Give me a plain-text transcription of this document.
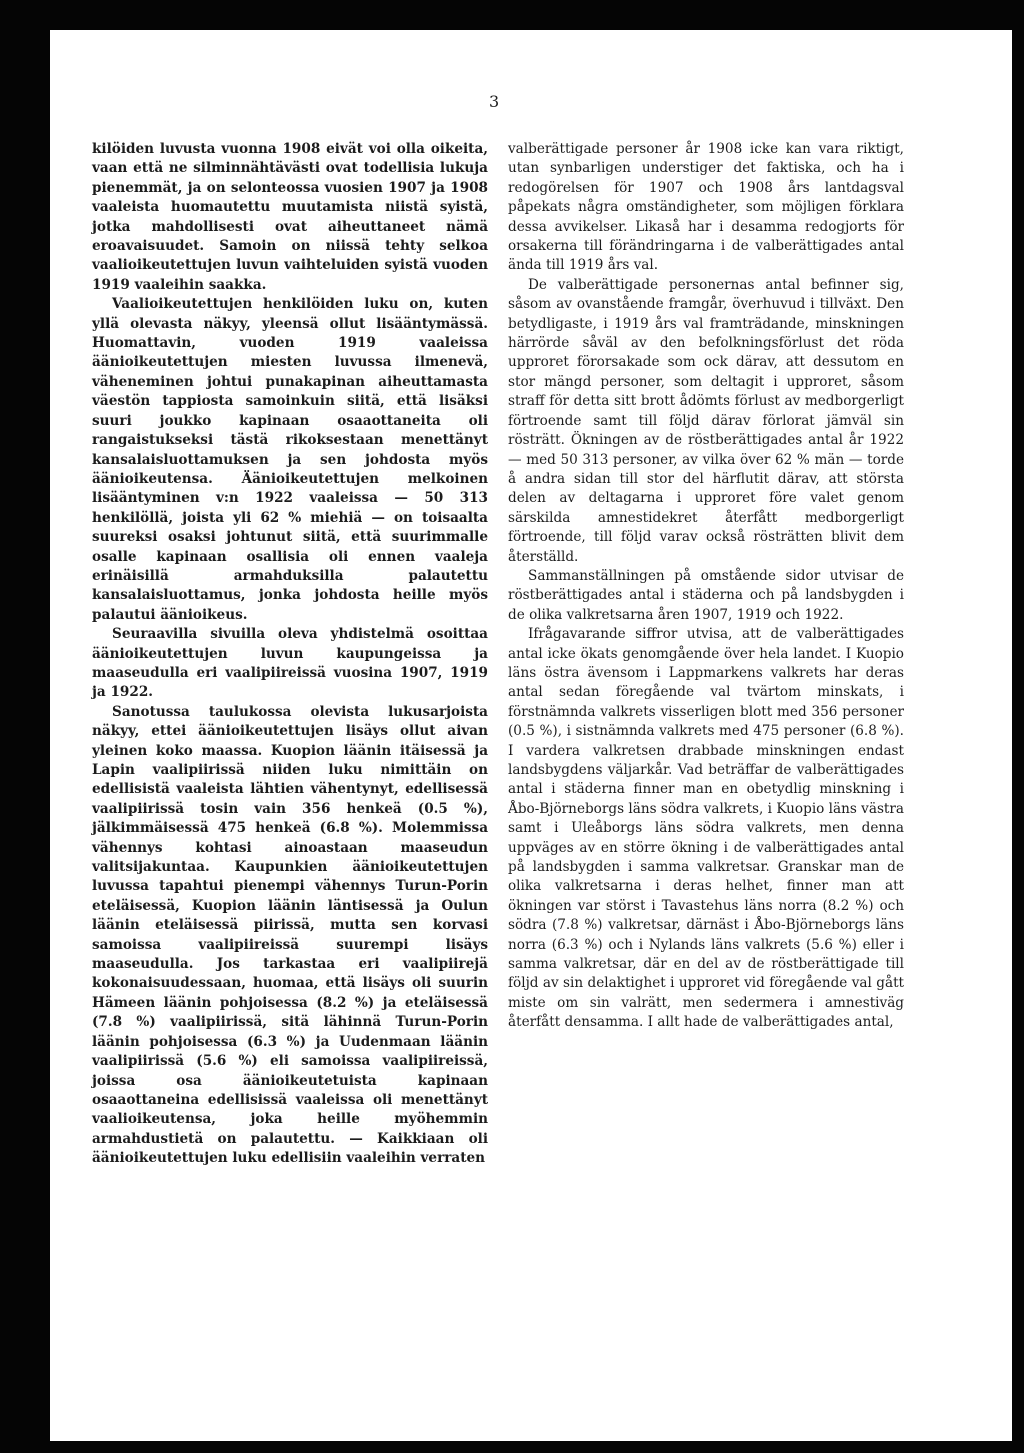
3

kilöiden luvusta vuonna 1908 eivät voi olla oikeita, vaan että ne silminnähtävästi ovat todellisia lukuja pienemmät, ja on selonteossa vuosien 1907 ja 1908 vaaleista huomautettu muutamista niistä syistä, jotka mahdollisesti ovat aiheuttaneet nämä eroavaisuudet. Samoin on niissä tehty selkoa vaalioikeutettujen luvun vaihteluiden syistä vuoden 1919 vaaleihin saakka.

Vaalioikeutettujen henkilöiden luku on, kuten yllä olevasta näkyy, yleensä ollut lisääntymässä. Huomattavin, vuoden 1919 vaaleissa äänioikeutettujen miesten luvussa ilmenevä, väheneminen johtui punakapinan aiheuttamasta väestön tappiosta samoinkuin siitä, että lisäksi suuri joukko kapinaan osaaottaneita oli rangaistukseksi tästä rikoksestaan menettänyt kansalaisluottamuksen ja sen johdosta myös äänioikeutensa. Äänioikeutettujen melkoinen lisääntyminen v:n 1922 vaaleissa — 50 313 henkilöllä, joista yli 62 % miehiä — on toisaalta suureksi osaksi johtunut siitä, että suurimmalle osalle kapinaan osallisia oli ennen vaaleja erinäisillä armahduksilla palautettu kansalaisluottamus, jonka johdosta heille myös palautui äänioikeus.

Seuraavilla sivuilla oleva yhdistelmä osoittaa äänioikeutettujen luvun kaupungeissa ja maaseudulla eri vaalipiireissä vuosina 1907, 1919 ja 1922.

Sanotussa taulukossa olevista lukusarjoista näkyy, ettei äänioikeutettujen lisäys ollut aivan yleinen koko maassa. Kuopion läänin itäisessä ja Lapin vaalipiirissä niiden luku nimittäin on edellisistä vaaleista lähtien vähentynyt, edellisessä vaalipiirissä tosin vain 356 henkeä (0.5 %), jälkimmäisessä 475 henkeä (6.8 %). Molemmissa vähennys kohtasi ainoastaan maaseudun valitsijakuntaa. Kaupunkien äänioikeutettujen luvussa tapahtui pienempi vähennys Turun-Porin eteläisessä, Kuopion läänin läntisessä ja Oulun läänin eteläisessä piirissä, mutta sen korvasi samoissa vaalipiireissä suurempi lisäys maaseudulla. Jos tarkastaa eri vaalipiirejä kokonaisuudessaan, huomaa, että lisäys oli suurin Hämeen läänin pohjoisessa (8.2 %) ja eteläisessä (7.8 %) vaalipiirissä, sitä lähinnä Turun-Porin läänin pohjoisessa (6.3 %) ja Uudenmaan läänin vaalipiirissä (5.6 %) eli samoissa vaalipiireissä, joissa osa äänioikeutetuista kapinaan osaaottaneina edellisissä vaaleissa oli menettänyt vaalioikeutensa, joka heille myöhemmin armahdustietä on palautettu. — Kaikkiaan oli äänioikeutettujen luku edellisiin vaaleihin verraten

valberättigade personer år 1908 icke kan vara riktigt, utan synbarligen understiger det faktiska, och ha i redogörelsen för 1907 och 1908 års lantdagsval påpekats några omständigheter, som möjligen förklara dessa avvikelser. Likaså har i desamma redogjorts för orsakerna till förändringarna i de valberättigades antal ända till 1919 års val.

De valberättigade personernas antal befinner sig, såsom av ovanstående framgår, överhuvud i tillväxt. Den betydligaste, i 1919 års val framträdande, minskningen härrörde såväl av den befolkningsförlust det röda upproret förorsakade som ock därav, att dessutom en stor mängd personer, som deltagit i upproret, såsom straff för detta sitt brott ådömts förlust av medborgerligt förtroende samt till följd därav förlorat jämväl sin rösträtt. Ökningen av de röstberättigades antal år 1922 — med 50 313 personer, av vilka över 62 % män — torde å andra sidan till stor del härflutit därav, att största delen av deltagarna i upproret före valet genom särskilda amnestidekret återfått medborgerligt förtroende, till följd varav också rösträtten blivit dem återställd.

Sammanställningen på omstående sidor utvisar de röstberättigades antal i städerna och på landsbygden i de olika valkretsarna åren 1907, 1919 och 1922.

Ifrågavarande siffror utvisa, att de valberättigades antal icke ökats genomgående över hela landet. I Kuopio läns östra ävensom i Lappmarkens valkrets har deras antal sedan föregående val tvärtom minskats, i förstnämnda valkrets visserligen blott med 356 personer (0.5 %), i sistnämnda valkrets med 475 personer (6.8 %). I vardera valkretsen drabbade minskningen endast landsbygdens väljarkår. Vad beträffar de valberättigades antal i städerna finner man en obetydlig minskning i Åbo-Björneborgs läns södra valkrets, i Kuopio läns västra samt i Uleåborgs läns södra valkrets, men denna uppväges av en större ökning i de valberättigades antal på landsbygden i samma valkretsar. Granskar man de olika valkretsarna i deras helhet, finner man att ökningen var störst i Tavastehus läns norra (8.2 %) och södra (7.8 %) valkretsar, därnäst i Åbo-Björneborgs läns norra (6.3 %) och i Nylands läns valkrets (5.6 %) eller i samma valkretsar, där en del av de röstberättigade till följd av sin delaktighet i upproret vid föregående val gått miste om sin valrätt, men sedermera i amnestiväg återfått densamma. I allt hade de valberättigades antal,
